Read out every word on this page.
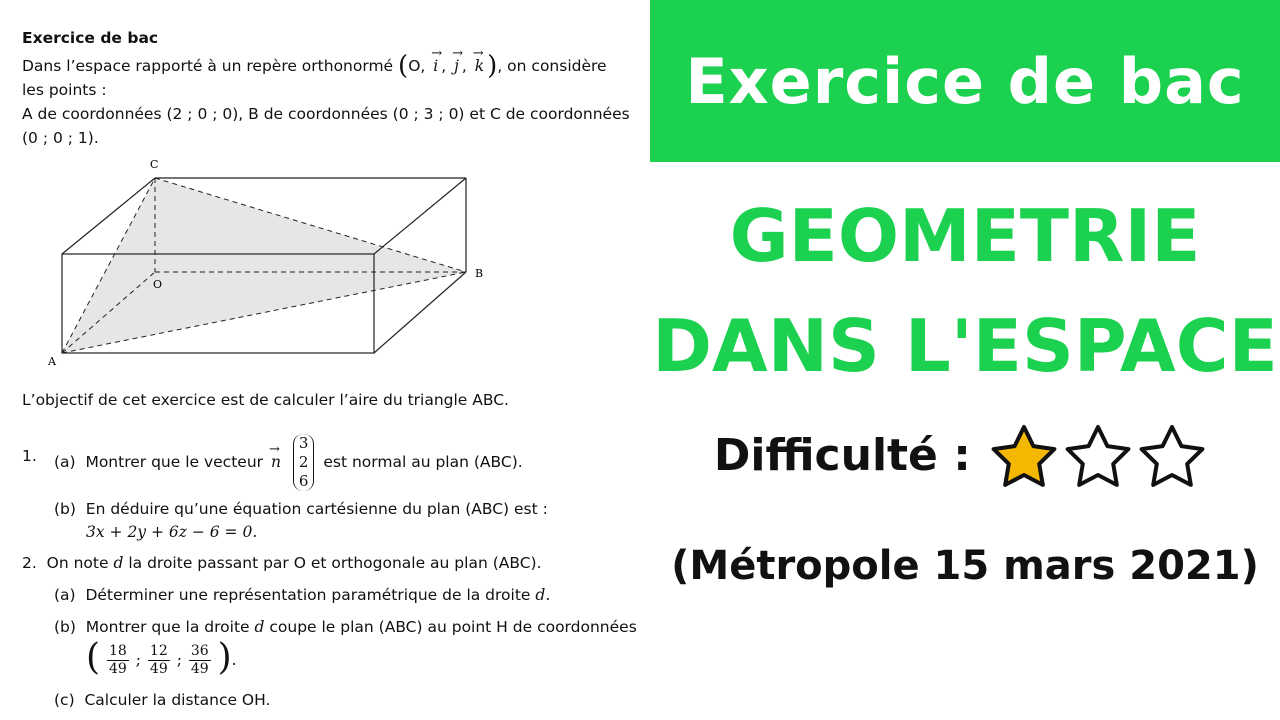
Exercice de bac
Dans l’espace rapporté à un repère orthonormé (O, → i , → j , → k ), on considère
les points :
A de coordonnées (2 ; 0 ; 0), B de coordonnées (0 ; 3 ; 0) et C de coordonnées
(0 ; 0 ; 1).
C
O
B
A
L’objectif de cet exercice est de calculer l’aire du triangle ABC.
1. (a) Montrer que le vecteur → n
3
2
6
est normal au plan (ABC).
(b) En déduire qu’une équation cartésienne du plan (ABC) est :
3x + 2y + 6z − 6 = 0.
2. On note d la droite passant par O et orthogonale au plan (ABC).
(a) Déterminer une représentation paramétrique de la droite d.
(b) Montrer que la droite d coupe le plan (ABC) au point H de coordonnées
( $\frac{18}{49}$ ; $\frac{12}{49}$ ; $\frac{36}{49}$ ).
(c) Calculer la distance OH.
Exercice de bac
GEOMETRIE
DANS L'ESPACE
Difficulté :
(Métropole 15 mars 2021)
